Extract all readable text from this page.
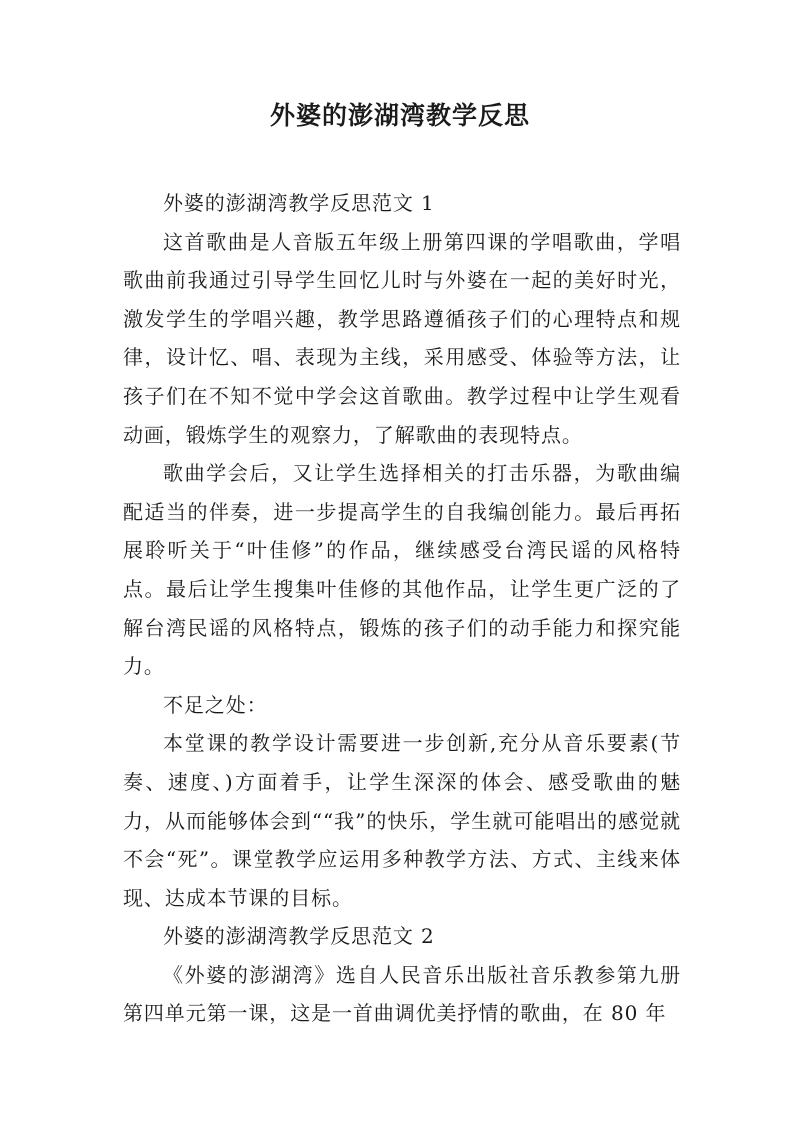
外婆的澎湖湾教学反思

外婆的澎湖湾教学反思范文 1

这首歌曲是人音版五年级上册第四课的学唱歌曲，学唱歌曲前我通过引导学生回忆儿时与外婆在一起的美好时光，激发学生的学唱兴趣，教学思路遵循孩子们的心理特点和规律，设计忆、唱、表现为主线，采用感受、体验等方法，让孩子们在不知不觉中学会这首歌曲。教学过程中让学生观看动画，锻炼学生的观察力，了解歌曲的表现特点。

歌曲学会后，又让学生选择相关的打击乐器，为歌曲编配适当的伴奏，进一步提高学生的自我编创能力。最后再拓展聆听关于“叶佳修”的作品，继续感受台湾民谣的风格特点。最后让学生搜集叶佳修的其他作品，让学生更广泛的了解台湾民谣的风格特点，锻炼的孩子们的动手能力和探究能力。

不足之处：

本堂课的教学设计需要进一步创新,充分从音乐要素(节奏、速度、)方面着手，让学生深深的体会、感受歌曲的魅力，从而能够体会到““我”的快乐，学生就可能唱出的感觉就不会“死”。课堂教学应运用多种教学方法、方式、主线来体现、达成本节课的目标。

外婆的澎湖湾教学反思范文 2

《外婆的澎湖湾》选自人民音乐出版社音乐教参第九册第四单元第一课，这是一首曲调优美抒情的歌曲，在 80 年
